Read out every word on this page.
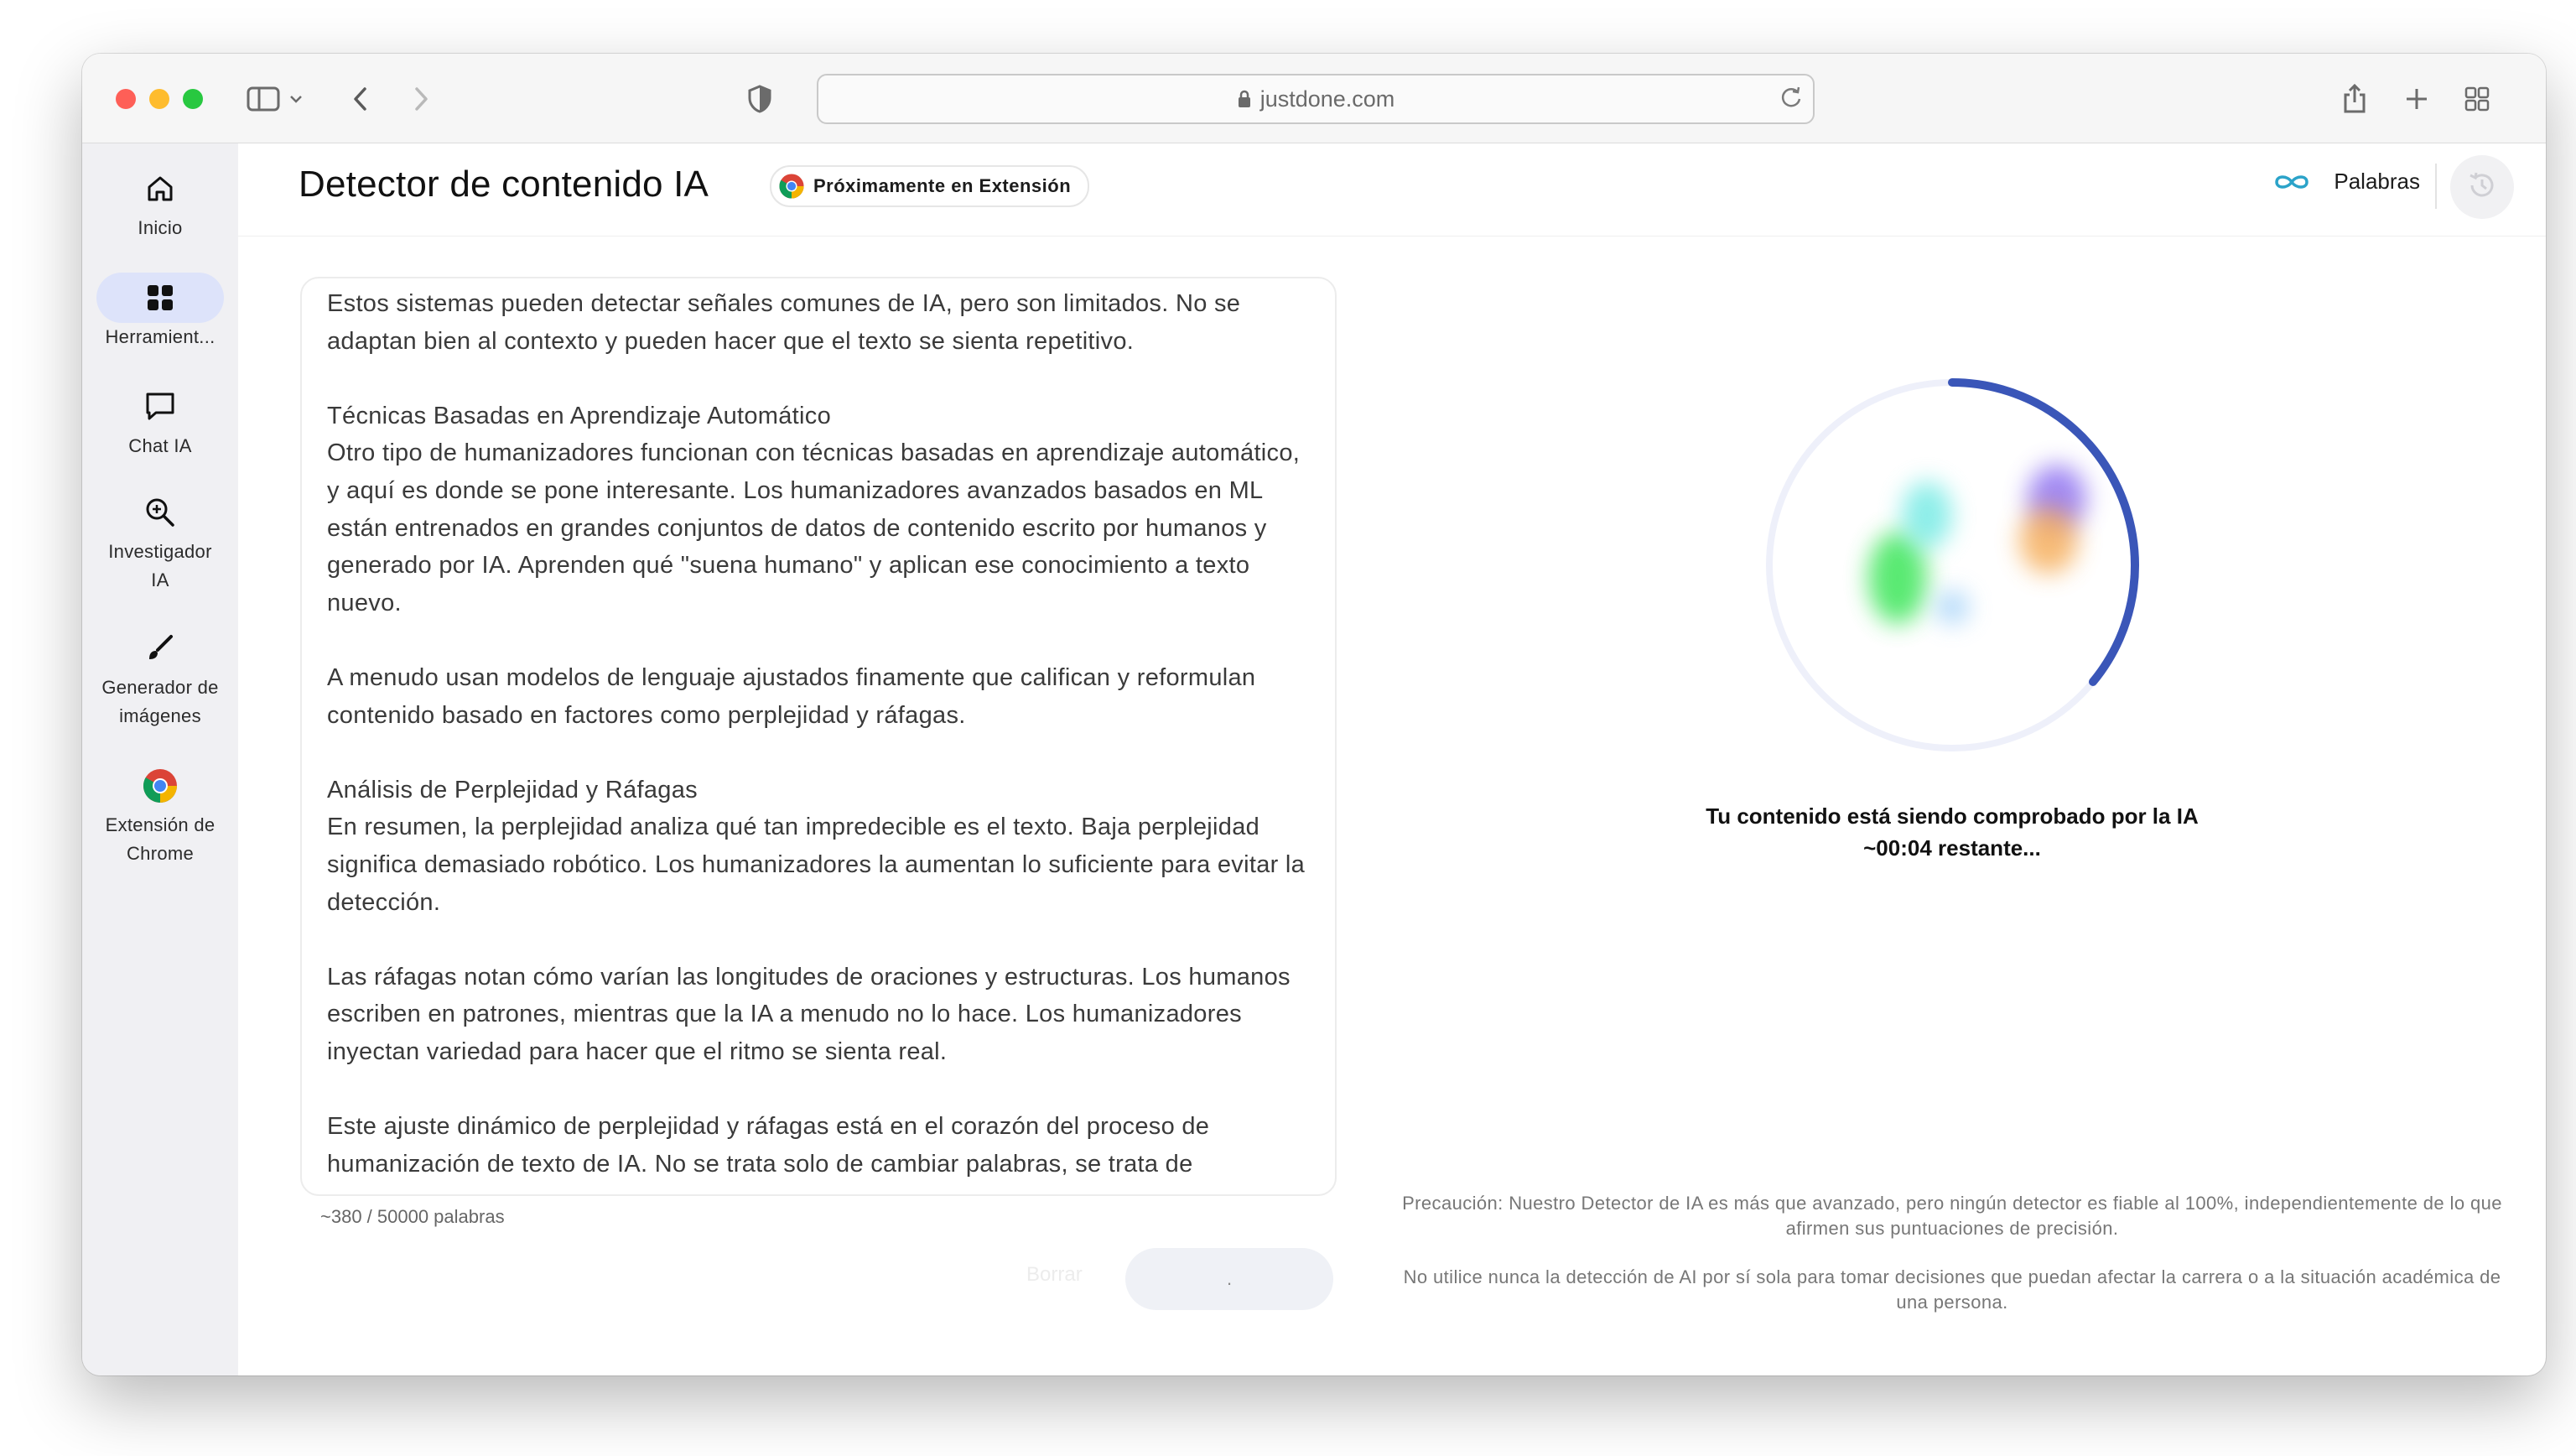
justdone.com
Inicio
Herramient...
Chat IA
Investigador IA
Generador de imágenes
Extensión de Chrome
Detector de contenido IA	Próximamente en Extensión	Palabras
Estos sistemas pueden detectar señales comunes de IA, pero son limitados. No se adaptan bien al contexto y pueden hacer que el texto se sienta repetitivo.

Técnicas Basadas en Aprendizaje Automático
Otro tipo de humanizadores funcionan con técnicas basadas en aprendizaje automático, y aquí es donde se pone interesante. Los humanizadores avanzados basados en ML están entrenados en grandes conjuntos de datos de contenido escrito por humanos y generado por IA. Aprenden qué "suena humano" y aplican ese conocimiento a texto nuevo.

A menudo usan modelos de lenguaje ajustados finamente que califican y reformulan contenido basado en factores como perplejidad y ráfagas.

Análisis de Perplejidad y Ráfagas
En resumen, la perplejidad analiza qué tan impredecible es el texto. Baja perplejidad significa demasiado robótico. Los humanizadores la aumentan lo suficiente para evitar la detección.

Las ráfagas notan cómo varían las longitudes de oraciones y estructuras. Los humanos escriben en patrones, mientras que la IA a menudo no lo hace. Los humanizadores inyectan variedad para hacer que el ritmo se sienta real.

Este ajuste dinámico de perplejidad y ráfagas está en el corazón del proceso de humanización de texto de IA. No se trata solo de cambiar palabras, se trata de
~380 / 50000 palabras
Borrar	.
Tu contenido está siendo comprobado por la IA
~00:04 restante...
Precaución: Nuestro Detector de IA es más que avanzado, pero ningún detector es fiable al 100%, independientemente de lo que afirmen sus puntuaciones de precisión.
No utilice nunca la detección de AI por sí sola para tomar decisiones que puedan afectar la carrera o a la situación académica de una persona.
